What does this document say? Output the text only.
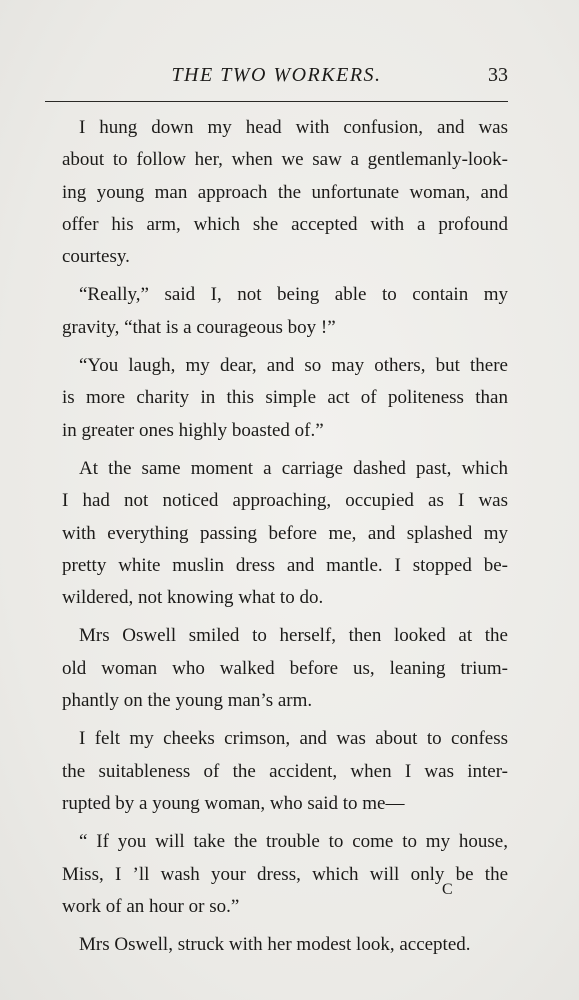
THE TWO WORKERS.	33

I hung down my head with confusion, and was
about to follow her, when we saw a gentlemanly-look-
ing young man approach the unfortunate woman, and
offer his arm, which she accepted with a profound
courtesy.

“Really,” said I, not being able to contain my
gravity, “that is a courageous boy !”

“You laugh, my dear, and so may others, but there
is more charity in this simple act of politeness than
in greater ones highly boasted of.”

At the same moment a carriage dashed past, which
I had not noticed approaching, occupied as I was
with everything passing before me, and splashed my
pretty white muslin dress and mantle. I stopped be-
wildered, not knowing what to do.

Mrs Oswell smiled to herself, then looked at the
old woman who walked before us, leaning trium-
phantly on the young man’s arm.

I felt my cheeks crimson, and was about to confess
the suitableness of the accident, when I was inter-
rupted by a young woman, who said to me—

“ If you will take the trouble to come to my house,
Miss, I ’ll wash your dress, which will only be the
work of an hour or so.”

Mrs Oswell, struck with her modest look, accepted.

C
